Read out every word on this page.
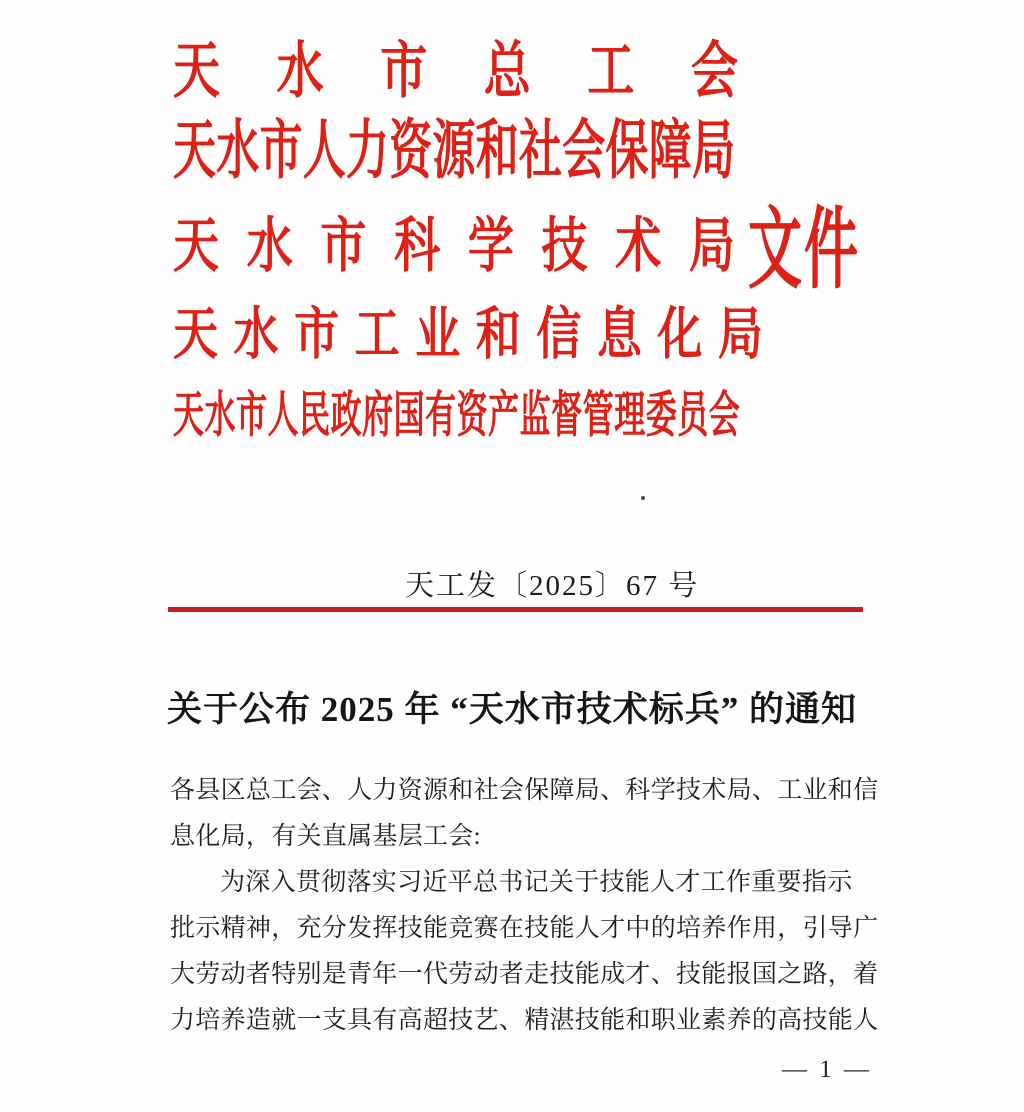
天 水 市 总 工 会
天 水 市 人 力 资 源 和 社 会 保 障 局
天 水 市 科 学 技 术 局 文 件
天 水 市 工 业 和 信 息 化 局
天 水 市 人 民 政 府 国 有 资 产 监 督 管 理 委 员 会
天工发〔2025〕67 号
关于公布 2025 年 “天水市技术标兵” 的通知
各县区总工会、人力资源和社会保障局、科学技术局、工业和信
息化局，有关直属基层工会:
为深入贯彻落实习近平总书记关于技能人才工作重要指示
批示精神，充分发挥技能竞赛在技能人才中的培养作用，引导广
大劳动者特别是青年一代劳动者走技能成才、技能报国之路，着
力培养造就一支具有高超技艺、精湛技能和职业素养的高技能人
— 1 —
